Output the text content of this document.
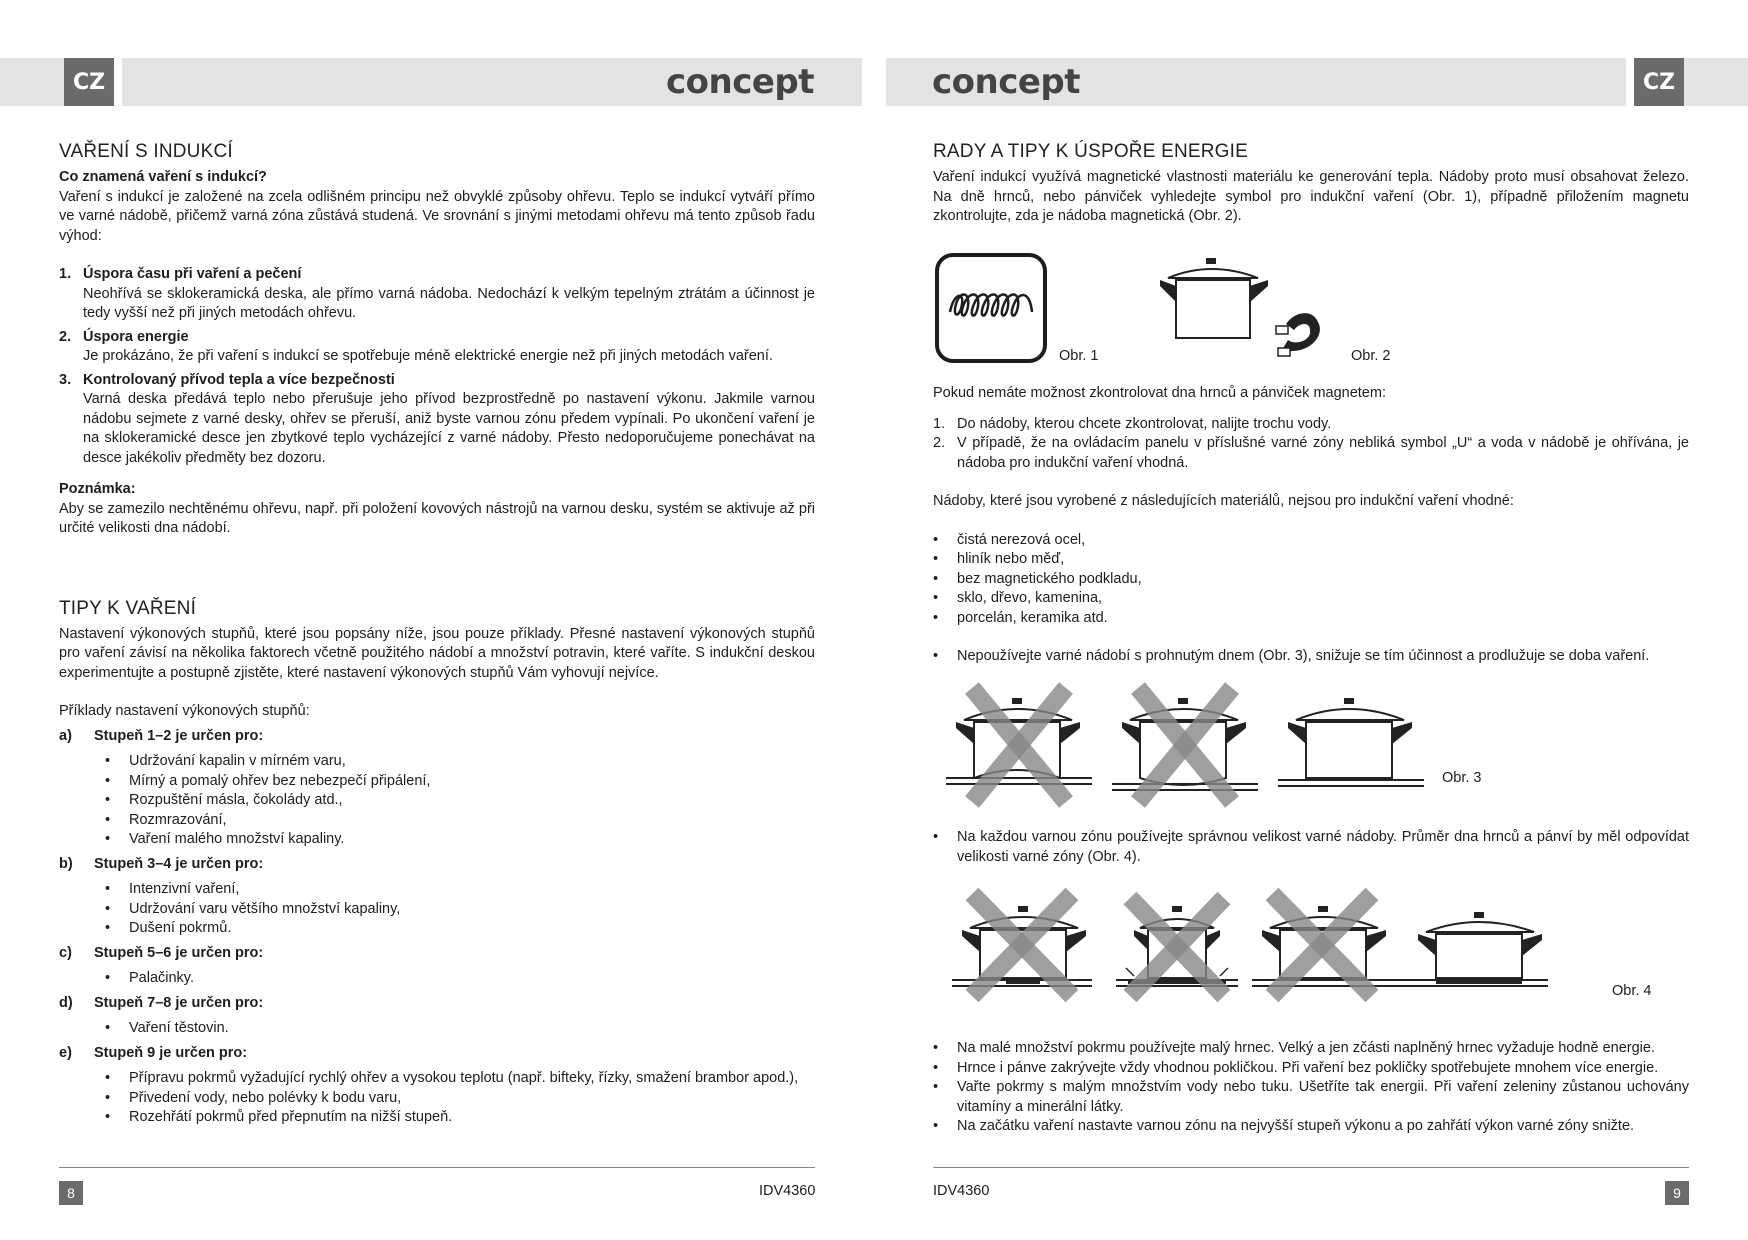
CZ	CZ
concept	concept
VAŘENÍ S INDUKCÍ

Co znamená vaření s indukcí?

Vaření s indukcí je založené na zcela odlišném principu než obvyklé způsoby ohřevu. Teplo se indukcí vytváří přímo ve varné nádobě, přičemž varná zóna zůstává studená. Ve srovnání s jinými metodami ohřevu má tento způsob řadu výhod:

1. Úspora času při vaření a pečení

Neohřívá se sklokeramická deska, ale přímo varná nádoba. Nedochází k velkým tepelným ztrátám a účinnost je tedy vyšší než při jiných metodách ohřevu.

2. Úspora energie

Je prokázáno, že při vaření s indukcí se spotřebuje méně elektrické energie než při jiných metodách vaření.

3. Kontrolovaný přívod tepla a více bezpečnosti

Varná deska předává teplo nebo přerušuje jeho přívod bezprostředně po nastavení výkonu. Jakmile varnou nádobu sejmete z varné desky, ohřev se přeruší, aniž byste varnou zónu předem vypínali. Po ukončení vaření je na sklokeramické desce jen zbytkové teplo vycházející z varné nádoby. Přesto nedoporučujeme ponechávat na desce jakékoliv předměty bez dozoru.

Poznámka:

Aby se zamezilo nechtěnému ohřevu, např. při položení kovových nástrojů na varnou desku, systém se aktivuje až při určité velikosti dna nádobí.

TIPY K VAŘENÍ

Nastavení výkonových stupňů, které jsou popsány níže, jsou pouze příklady. Přesné nastavení výkonových stupňů pro vaření závisí na několika faktorech včetně použitého nádobí a množství potravin, které vaříte. S indukční deskou experimentujte a postupně zjistěte, které nastavení výkonových stupňů Vám vyhovují nejvíce.

Příklady nastavení výkonových stupňů:

a) Stupeň 1–2 je určen pro:
• Udržování kapalin v mírném varu,
• Mírný a pomalý ohřev bez nebezpečí připálení,
• Rozpuštění másla, čokolády atd.,
• Rozmrazování,
• Vaření malého množství kapaliny.
b) Stupeň 3–4 je určen pro:
• Intenzivní vaření,
• Udržování varu většího množství kapaliny,
• Dušení pokrmů.
c) Stupeň 5–6 je určen pro:
• Palačinky.
d) Stupeň 7–8 je určen pro:
• Vaření těstovin.
e) Stupeň 9 je určen pro:
• Přípravu pokrmů vyžadující rychlý ohřev a vysokou teplotu (např. bifteky, řízky, smažení brambor apod.),
• Přivedení vody, nebo polévky k bodu varu,
• Rozehřátí pokrmů před přepnutím na nižší stupeň.
8	IDV4360
RADY A TIPY K ÚSPOŘE ENERGIE

Vaření indukcí využívá magnetické vlastnosti materiálu ke generování tepla. Nádoby proto musí obsahovat železo. Na dně hrnců, nebo pánviček vyhledejte symbol pro indukční vaření (Obr. 1), případně přiložením magnetu zkontrolujte, zda je nádoba magnetická (Obr. 2).

Obr. 1	Obr. 2

Pokud nemáte možnost zkontrolovat dna hrnců a pánviček magnetem:

1. Do nádoby, kterou chcete zkontrolovat, nalijte trochu vody.

2. V případě, že na ovládacím panelu v příslušné varné zóny nebliká symbol „U“ a voda v nádobě je ohřívána, je nádoba pro indukční vaření vhodná.

Nádoby, které jsou vyrobené z následujících materiálů, nejsou pro indukční vaření vhodné:

• čistá nerezová ocel,
• hliník nebo měď,
• bez magnetického podkladu,
• sklo, dřevo, kamenina,
• porcelán, keramika atd.
• Nepoužívejte varné nádobí s prohnutým dnem (Obr. 3), snižuje se tím účinnost a prodlužuje se doba vaření.
Obr. 3
• Na každou varnou zónu používejte správnou velikost varné nádoby. Průměr dna hrnců a pánví by měl odpovídat velikosti varné zóny (Obr. 4).
Obr. 4
• Na malé množství pokrmu používejte malý hrnec. Velký a jen zčásti naplněný hrnec vyžaduje hodně energie.
• Hrnce i pánve zakrývejte vždy vhodnou pokličkou. Při vaření bez pokličky spotřebujete mnohem více energie.
• Vařte pokrmy s malým množstvím vody nebo tuku. Ušetříte tak energii. Při vaření zeleniny zůstanou uchovány vitamíny a minerální látky.
• Na začátku vaření nastavte varnou zónu na nejvyšší stupeň výkonu a po zahřátí výkon varné zóny snižte.
IDV4360	9
